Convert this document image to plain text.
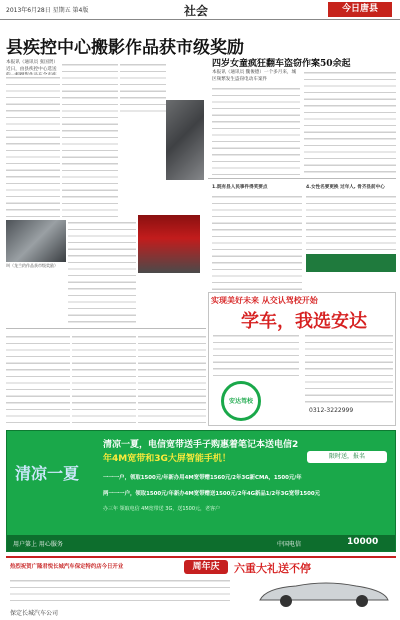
2013年6月28日 星期五 第4版	社会	今日唐县
县疾控中心搬影作品获市级奖励
本报讯（通讯员 张国贤）近日，由县疾控中心选送
叫（龙兰约作品获市级奖励）
四岁女童疯狂翻车盗窃作案50余起
本报讯（通讯员 魏俊德）一个多月来，城区频繁发生盗窃电动车案件
1.既有县人民事件得奖要点	4.女性名要更换 过年人, 骨齐县前中心
实现美好未来 从交认驾校开始
学车，我选安达
安达驾校
0312-3222999
清凉一夏，电信宽带送手子购惠着笔记本送电信2
年4M宽带和3G大屏智能手机！	限时送，报名
一一一户，领取1500元/年新办用4M宽带赠1560元/2年3G新CMA，1500元/年
两一一一户，领取1500元/年新办4M宽带赠送1500元/2年4G新品1/2年3G宽带1500元
办三年 领取电信 4M宽带送 3G，送1500元，老客户
清凉一夏
用户第上 用心服务	中国电信	10000
热烈祝贺广隆君悦长城汽车保定特约店今日开业	周年庆	六重大礼送不停
保定长城汽车公司
